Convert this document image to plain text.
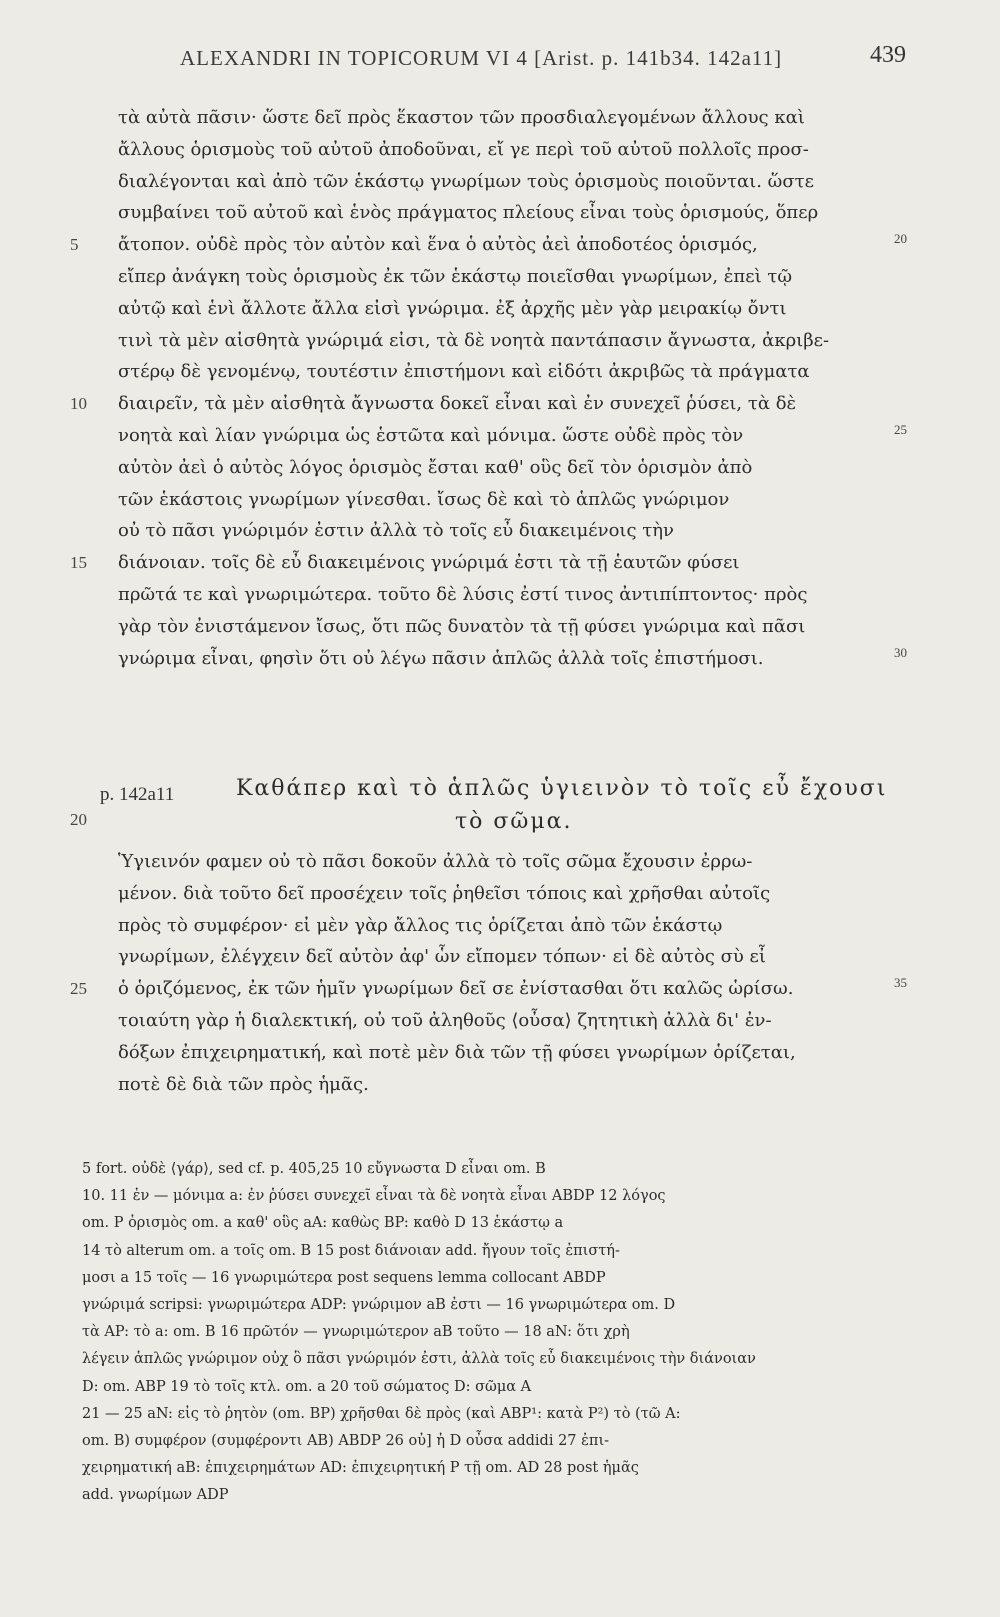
ALEXANDRI IN TOPICORUM VI 4 [Arist. p. 141b34. 142a11]	439
τὰ αὐτὰ πᾶσιν· ὥστε δεῖ πρὸς ἕκαστον τῶν προσδιαλεγομένων ἄλλους καὶ
ἄλλους ὁρισμοὺς τοῦ αὐτοῦ ἀποδοῦναι, εἴ γε περὶ τοῦ αὐτοῦ πολλοῖς προσ-
διαλέγονται καὶ ἀπὸ τῶν ἑκάστῳ γνωρίμων τοὺς ὁρισμοὺς ποιοῦνται. ὥστε
συμβαίνει τοῦ αὐτοῦ καὶ ἑνὸς πράγματος πλείους εἶναι τοὺς ὁρισμούς, ὅπερ
5	ἄτοπον. οὐδὲ πρὸς τὸν αὐτὸν καὶ ἕνα ὁ αὐτὸς ἀεὶ ἀποδοτέος ὁρισμός,	20
εἴπερ ἀνάγκη τοὺς ὁρισμοὺς ἐκ τῶν ἑκάστῳ ποιεῖσθαι γνωρίμων, ἐπεὶ τῷ
αὐτῷ καὶ ἑνὶ ἄλλοτε ἄλλα εἰσὶ γνώριμα. ἐξ ἀρχῆς μὲν γὰρ μειρακίῳ ὄντι
τινὶ τὰ μὲν αἰσθητὰ γνώριμά εἰσι, τὰ δὲ νοητὰ παντάπασιν ἄγνωστα, ἀκριβε-
στέρῳ δὲ γενομένῳ, τουτέστιν ἐπιστήμονι καὶ εἰδότι ἀκριβῶς τὰ πράγματα
10	διαιρεῖν, τὰ μὲν αἰσθητὰ ἄγνωστα δοκεῖ εἶναι καὶ ἐν συνεχεῖ ῥύσει, τὰ δὲ
νοητὰ καὶ λίαν γνώριμα ὡς ἑστῶτα καὶ μόνιμα. ὥστε οὐδὲ πρὸς τὸν	25
αὐτὸν ἀεὶ ὁ αὐτὸς λόγος ὁρισμὸς ἔσται καθ' οὓς δεῖ τὸν ὁρισμὸν ἀπὸ
τῶν ἑκάστοις γνωρίμων γίνεσθαι. ἴσως δὲ καὶ τὸ ἁπλῶς γνώριμον
οὐ τὸ πᾶσι γνώριμόν ἐστιν ἀλλὰ τὸ τοῖς εὖ διακειμένοις τὴν
15	διάνοιαν. τοῖς δὲ εὖ διακειμένοις γνώριμά ἐστι τὰ τῇ ἑαυτῶν φύσει
πρῶτά τε καὶ γνωριμώτερα. τοῦτο δὲ λύσις ἐστί τινος ἀντιπίπτοντος· πρὸς
γὰρ τὸν ἐνιστάμενον ἴσως, ὅτι πῶς δυνατὸν τὰ τῇ φύσει γνώριμα καὶ πᾶσι
γνώριμα εἶναι, φησὶν ὅτι οὐ λέγω πᾶσιν ἁπλῶς ἀλλὰ τοῖς ἐπιστήμοσι.	30
p. 142a11	Καθάπερ καὶ τὸ ἁπλῶς ὑγιεινὸν τὸ τοῖς εὖ ἔχουσι
τὸ σῶμα.
20
Ὑγιεινόν φαμεν οὐ τὸ πᾶσι δοκοῦν ἀλλὰ τὸ τοῖς σῶμα ἔχουσιν ἐρρω-
μένον. διὰ τοῦτο δεῖ προσέχειν τοῖς ῥηθεῖσι τόποις καὶ χρῆσθαι αὐτοῖς
πρὸς τὸ συμφέρον· εἰ μὲν γὰρ ἄλλος τις ὁρίζεται ἀπὸ τῶν ἑκάστῳ
γνωρίμων, ἐλέγχειν δεῖ αὐτὸν ἀφ' ὧν εἴπομεν τόπων· εἰ δὲ αὐτὸς σὺ εἶ
25	ὁ ὁριζόμενος, ἐκ τῶν ἡμῖν γνωρίμων δεῖ σε ἐνίστασθαι ὅτι καλῶς ὡρίσω.	35
τοιαύτη γὰρ ἡ διαλεκτική, οὐ τοῦ ἀληθοῦς ⟨οὖσα⟩ ζητητικὴ ἀλλὰ δι' ἐν-
δόξων ἐπιχειρηματική, καὶ ποτὲ μὲν διὰ τῶν τῇ φύσει γνωρίμων ὁρίζεται,
ποτὲ δὲ διὰ τῶν πρὸς ἡμᾶς.
5 fort. οὐδὲ ⟨γάρ⟩, sed cf. p. 405,25 10 εὔγνωστα D εἶναι om. B
10. 11 ἐν — μόνιμα a: ἐν ῥύσει συνεχεῖ εἶναι τὰ δὲ νοητὰ εἶναι ABDP 12 λόγος
om. P ὁρισμὸς om. a καθ' οὓς aA: καθὼς BP: καθὸ D 13 ἑκάστῳ a
14 τὸ alterum om. a τοῖς om. B 15 post διάνοιαν add. ἤγουν τοῖς ἐπιστή-
μοσι a 15 τοῖς — 16 γνωριμώτερα post sequens lemma collocant ABDP
γνώριμά scripsi: γνωριμώτερα ADP: γνώριμον aB ἐστι — 16 γνωριμώτερα om. D
τὰ AP: τὸ a: om. B 16 πρῶτόν — γνωριμώτερον aB τοῦτο — 18 aN: ὅτι χρὴ
λέγειν ἁπλῶς γνώριμον οὐχ ὃ πᾶσι γνώριμόν ἐστι, ἀλλὰ τοῖς εὖ διακειμένοις τὴν διάνοιαν
D: om. ABP 19 τὸ τοῖς κτλ. om. a 20 τοῦ σώματος D: σῶμα A
21 — 25 aN: εἰς τὸ ῥητὸν (om. BP) χρῆσθαι δὲ πρὸς (καὶ ABP¹: κατὰ P²) τὸ (τῶ A:
om. B) συμφέρον (συμφέροντι AB) ABDP 26 οὐ] ἡ D οὖσα addidi 27 ἐπι-
χειρηματική aB: ἐπιχειρημάτων AD: ἐπιχειρητική P τῇ om. AD 28 post ἡμᾶς
add. γνωρίμων ADP
